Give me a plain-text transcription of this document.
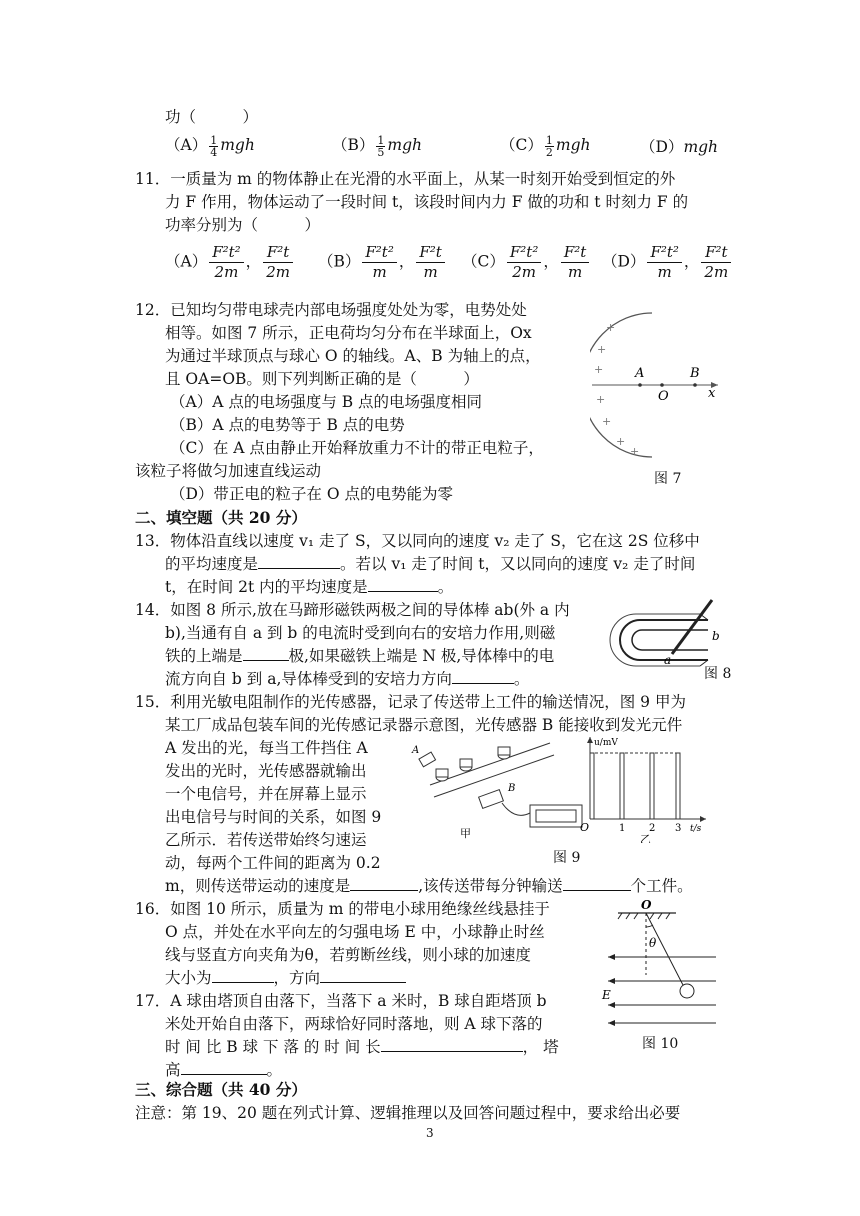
功（　　　）
$(A) \frac{1}{4}$ mgh	$(B) \frac{1}{5}$ mgh	$(C) \frac{1}{2}$ mgh	（D）mgh
11．一质量为 m 的物体静止在光滑的水平面上，从某一时刻开始受到恒定的外
力 F 作用，物体运动了一段时间 t，该段时间内力 F 做的功和 t 时刻力 F 的
功率分别为（　　　）
$(A) \frac{\text{F²t²}}{2m}$ ， $\frac{\text{F²t}}{2m} (B) \frac{\text{F²t²}}{m}$ ， $\frac{\text{F²t}}{m} (C) \frac{\text{F²t²}}{2m}$ ， $\frac{\text{F²t}}{m} (D) \frac{\text{F²t²}}{m}$ ， $\frac{\text{F²t}}{2m}$
12．已知均匀带电球壳内部电场强度处处为零，电势处处
相等。如图 7 所示，正电荷均匀分布在半球面上，Ox
为通过半球顶点与球心 O 的轴线。A、B 为轴上的点，
且 OA=OB。则下列判断正确的是（　　　）
（A）A 点的电场强度与 B 点的电场强度相同
（B）A 点的电势等于 B 点的电势
（C）在 A 点由静止开始释放重力不计的带正电粒子，
该粒子将做匀加速直线运动
（D）带正电的粒子在 O 点的电势能为零
+
+
+
+
+
+
+
A
O
B
x
图 7
二、填空题（共 20 分）
13．物体沿直线以速度 v₁ 走了 S，又以同向的速度 v₂ 走了 S，它在这 2S 位移中
的平均速度是	。若以 v₁ 走了时间 t，又以同向的速度 v₂ 走了时间
t，在时间 2t 内的平均速度是	。
14．如图 8 所示,放在马蹄形磁铁两极之间的导体棒 ab(外 a 内
b),当通有自 a 到 b 的电流时受到向右的安培力作用,则磁
铁的上端是	极,如果磁铁上端是 N 极,导体棒中的电
流方向自 b 到 a,导体棒受到的安培力方向	。
b
a
图 8
15．利用光敏电阻制作的光传感器，记录了传送带上工件的输送情况，图 9 甲为
某工厂成品包装车间的光传感记录器示意图，光传感器 B 能接收到发光元件
A 发出的光，每当工件挡住 A
发出的光时，光传感器就输出
一个电信号，并在屏幕上显示
出电信号与时间的关系，如图 9
乙所示．若传送带始终匀速运
动，每两个工件间的距离为 0.2
m，则传送带运动的速度是	,该传送带每分钟输送	个工件。
A
B
甲
u/mV
t/s
O	1 2 3
乙
图 9
16．如图 10 所示，质量为 m 的带电小球用绝缘丝线悬挂于
O 点，并处在水平向左的匀强电场 E 中，小球静止时丝
线与竖直方向夹角为θ，若剪断丝线，则小球的加速度
大小为	，方向
17．A 球由塔顶自由落下，当落下 a 米时，B 球自距塔顶 b
米处开始自由落下，两球恰好同时落地，则 A 球下落的
时 间 比 B 球 下 落 的 时 间 长	， 塔
高	。
O
θ
E
图 10
三、综合题（共 40 分）
注意：第 19、20 题在列式计算、逻辑推理以及回答问题过程中，要求给出必要
3
